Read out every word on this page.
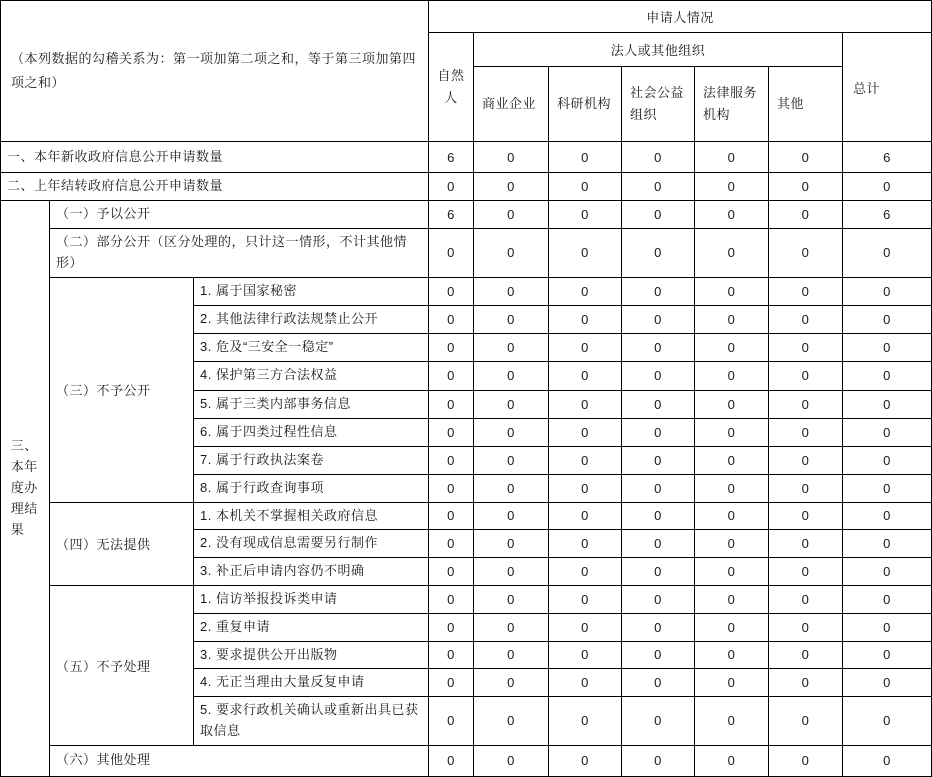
（本列数据的勾稽关系为：第一项加第二项之和，等于第三项加第四项之和）			申请人情况						

			自然人	法人或其他组织					总计
				商业企业	科研机构	社会公益组织	法律服务机构	其他	
一、本年新收政府信息公开申请数量			6	0	0	0	0	0	6
二、上年结转政府信息公开申请数量			0	0	0	0	0	0	0

三、本年度办理结果	（一）予以公开		6	0	0	0	0	0	6
	（二）部分公开（区分处理的，只计这一情形，不计其他情形）		0	0	0	0	0	0	0
	（三）不予公开	1. 属于国家秘密	0	0	0	0	0	0	0
		2. 其他法律行政法规禁止公开	0	0	0	0	0	0	0
		3. 危及“三安全一稳定”	0	0	0	0	0	0	0
		4. 保护第三方合法权益	0	0	0	0	0	0	0
		5. 属于三类内部事务信息	0	0	0	0	0	0	0
		6. 属于四类过程性信息	0	0	0	0	0	0	0
		7. 属于行政执法案卷	0	0	0	0	0	0	0
		8. 属于行政查询事项	0	0	0	0	0	0	0
	（四）无法提供	1. 本机关不掌握相关政府信息	0	0	0	0	0	0	0
		2. 没有现成信息需要另行制作	0	0	0	0	0	0	0
		3. 补正后申请内容仍不明确	0	0	0	0	0	0	0
	（五）不予处理	1. 信访举报投诉类申请	0	0	0	0	0	0	0
		2. 重复申请	0	0	0	0	0	0	0
		3. 要求提供公开出版物	0	0	0	0	0	0	0
		4. 无正当理由大量反复申请	0	0	0	0	0	0	0
		5. 要求行政机关确认或重新出具已获取信息	0	0	0	0	0	0	0
	（六）其他处理		0	0	0	0	0	0	0
